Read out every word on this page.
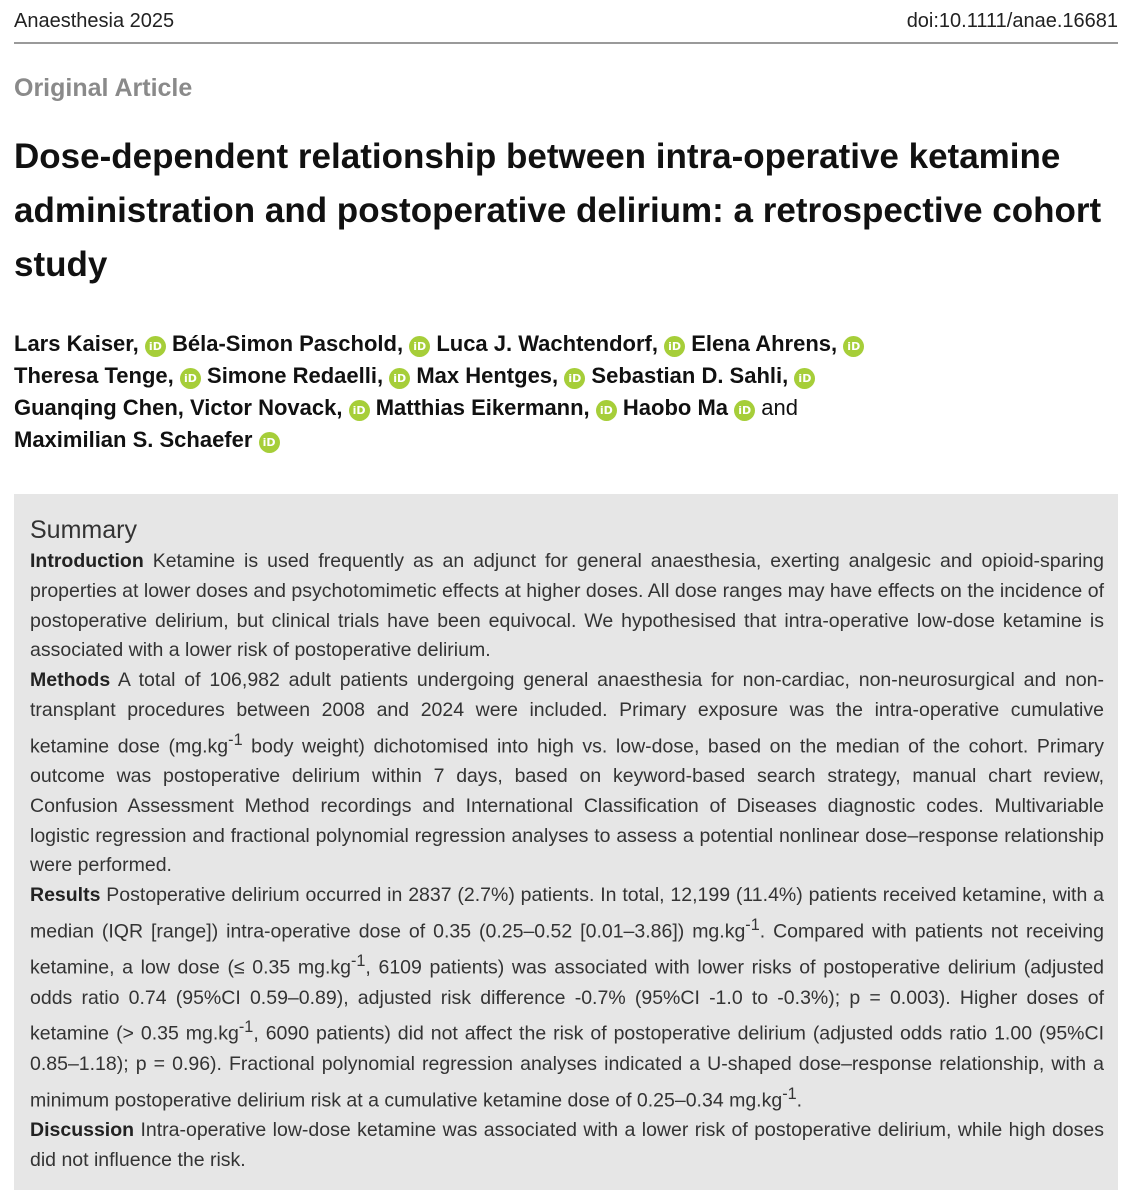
Anaesthesia 2025	doi:10.1111/anae.16681
Original Article
Dose-dependent relationship between intra-operative ketamine administration and postoperative delirium: a retrospective cohort study
Lars Kaiser, iD Béla-Simon Paschold, iD Luca J. Wachtendorf, iD Elena Ahrens, iD
Theresa Tenge, iD Simone Redaelli, iD Max Hentges, iD Sebastian D. Sahli, iD
Guanqing Chen, Victor Novack, iD Matthias Eikermann, iD Haobo Ma iD and
Maximilian S. Schaefer iD
Summary

Introduction Ketamine is used frequently as an adjunct for general anaesthesia, exerting analgesic and opioid-sparing properties at lower doses and psychotomimetic effects at higher doses. All dose ranges may have effects on the incidence of postoperative delirium, but clinical trials have been equivocal. We hypothesised that intra-operative low-dose ketamine is associated with a lower risk of postoperative delirium.

Methods A total of 106,982 adult patients undergoing general anaesthesia for non-cardiac, non-neurosurgical and non-transplant procedures between 2008 and 2024 were included. Primary exposure was the intra-operative cumulative ketamine dose ($mg.kg^{-1}$ body weight) dichotomised into high vs. low-dose, based on the median of the cohort. Primary outcome was postoperative delirium within 7 days, based on keyword-based search strategy, manual chart review, Confusion Assessment Method recordings and International Classification of Diseases diagnostic codes. Multivariable logistic regression and fractional polynomial regression analyses to assess a potential nonlinear dose–response relationship were performed.

Results Postoperative delirium occurred in 2837 (2.7%) patients. In total, 12,199 (11.4%) patients received ketamine, with a median (IQR [range]) intra-operative dose of 0.35 (0.25–0.52 [0.01–3.86]) $mg.kg^{-1}$. Compared with patients not receiving ketamine, a low dose (≤ 0.35 $mg.kg^{-1}$, 6109 patients) was associated with lower risks of postoperative delirium (adjusted odds ratio 0.74 (95%CI 0.59–0.89), adjusted risk difference -0.7% (95%CI -1.0 to -0.3%); p = 0.003). Higher doses of ketamine (> 0.35 $mg.kg^{-1}$, 6090 patients) did not affect the risk of postoperative delirium (adjusted odds ratio 1.00 (95%CI 0.85–1.18); p = 0.96). Fractional polynomial regression analyses indicated a U-shaped dose–response relationship, with a minimum postoperative delirium risk at a cumulative ketamine dose of 0.25–0.34 $mg.kg^{-1}$.

Discussion Intra-operative low-dose ketamine was associated with a lower risk of postoperative delirium, while high doses did not influence the risk.
